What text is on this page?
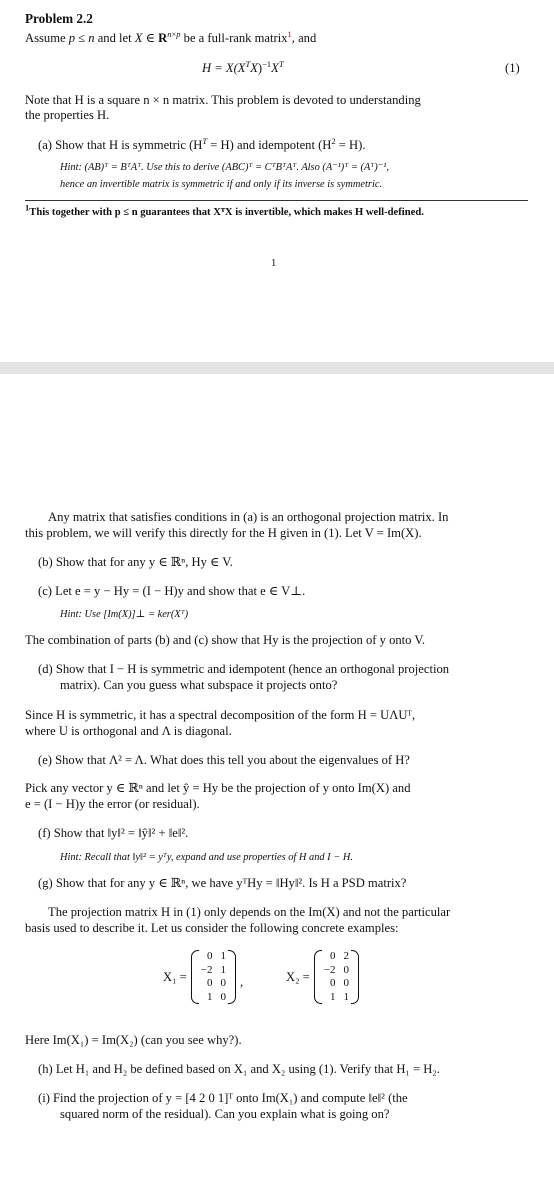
Problem 2.2
Assume p ≤ n and let X ∈ $R^{n\times p}$ be a full-rank matrix$^1$, and
$H = X(X^TX)^{-1}X^T$	(1)
Note that H is a square n × n matrix. This problem is devoted to understanding
the properties H.
(a) Show that H is symmetric $(H^T = H)$ and idempotent $(H^2 = H)$.
Hint: (AB)ᵀ = BᵀAᵀ. Use this to derive (ABC)ᵀ = CᵀBᵀAᵀ. Also (A⁻¹)ᵀ = (Aᵀ)⁻¹,
hence an invertible matrix is symmetric if and only if its inverse is symmetric.
$^1$This together with p ≤ n guarantees that XᵀX is invertible, which makes H well-defined.
1
Any matrix that satisfies conditions in (a) is an orthogonal projection matrix. In
this problem, we will verify this directly for the H given in (1). Let V = Im(X).
(b) Show that for any y ∈ ℝⁿ, Hy ∈ V.
(c) Let e = y − Hy = (I − H)y and show that e ∈ V⊥.
Hint: Use [Im(X)]⊥ = ker(Xᵀ)
The combination of parts (b) and (c) show that Hy is the projection of y onto V.
(d) Show that I − H is symmetric and idempotent (hence an orthogonal projection
matrix). Can you guess what subspace it projects onto?
Since H is symmetric, it has a spectral decomposition of the form H = UΛUᵀ,
where U is orthogonal and Λ is diagonal.
(e) Show that Λ² = Λ. What does this tell you about the eigenvalues of H?
Pick any vector y ∈ ℝⁿ and let ŷ = Hy be the projection of y onto Im(X) and
e = (I − H)y the error (or residual).
(f) Show that ‖y‖² = ‖ŷ‖² + ‖e‖².
Hint: Recall that ‖y‖² = yᵀy, expand and use properties of H and I − H.
(g) Show that for any y ∈ ℝⁿ, we have yᵀHy = ‖Hy‖². Is H a PSD matrix?
The projection matrix H in (1) only depends on the Im(X) and not the particular
basis used to describe it. Let us consider the following concrete examples:
X₁ =
0	1
−2	1
0	0
1	0
,	X₂ =
0	2
−2	0
0	0
1	1
Here Im(X₁) = Im(X₂) (can you see why?).
(h) Let H₁ and H₂ be defined based on X₁ and X₂ using (1). Verify that H₁ = H₂.
(i) Find the projection of y = [4 2 0 1]ᵀ onto Im(X₁) and compute ‖e‖² (the
squared norm of the residual). Can you explain what is going on?
